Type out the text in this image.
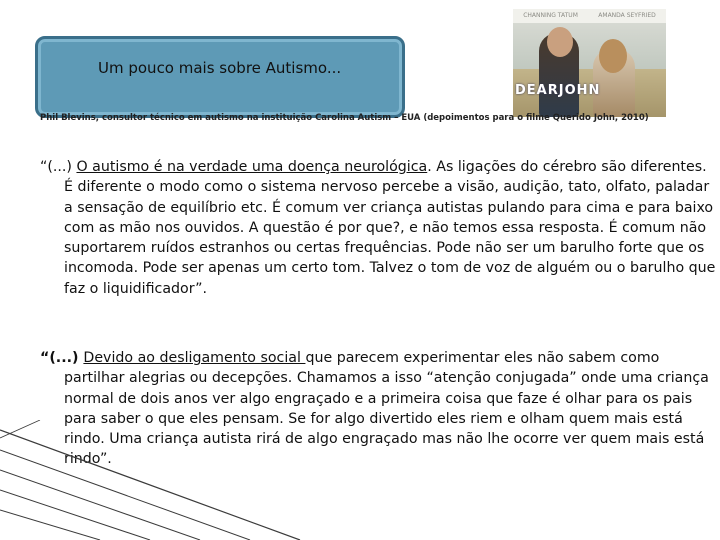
Um pouco mais sobre Autismo...
CHANNING TATUM	AMANDA SEYFRIED
DEARJOHN
Phil Blevins, consultor técnico em autismo na instituição Carolina Autism – EUA (depoimentos para o filme Querido John, 2010)

“(...) O autismo é na verdade uma doença neurológica. As ligações do cérebro são diferentes. É diferente o modo como o sistema nervoso percebe a visão, audição, tato, olfato, paladar a sensação de equilíbrio etc. É comum ver criança autistas pulando para cima e para baixo com as mão nos ouvidos. A questão é por que?, e não temos essa resposta. É comum não suportarem ruídos estranhos ou certas frequências. Pode não ser um barulho forte que os incomoda. Pode ser apenas um certo tom. Talvez o tom de voz de alguém ou o barulho que faz o liquidificador”.

“(...) Devido ao desligamento social que parecem experimentar eles não sabem como partilhar alegrias ou decepções. Chamamos a isso “atenção conjugada” onde uma criança normal de dois anos ver algo engraçado e a primeira coisa que faze é olhar para os pais para saber o que eles pensam. Se for algo divertido eles riem e olham quem mais está rindo. Uma criança autista rirá de algo engraçado mas não lhe ocorre ver quem mais está rindo”.
